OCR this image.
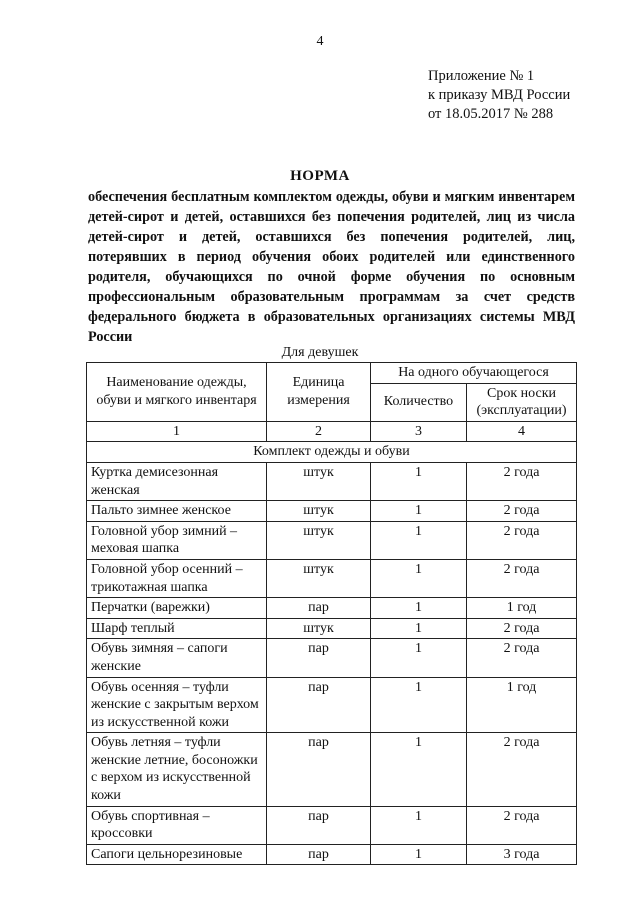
4
Приложение № 1
к приказу МВД России
от 18.05.2017 № 288
НОРМА
обеспечения бесплатным комплектом одежды, обуви и мягким инвентарем детей-сирот и детей, оставшихся без попечения родителей, лиц из числа детей-сирот и детей, оставшихся без попечения родителей, лиц, потерявших в период обучения обоих родителей или единственного родителя, обучающихся по очной форме обучения по основным профессиональным образовательным программам за счет средств федерального бюджета в образовательных организациях системы МВД России
Для девушек
Наименование одежды, обуви и мягкого инвентаря	Единица измерения	На одного обучающегося	
		Количество	Срок носки (эксплуатации)
1	2	3	4
Комплект одежды и обуви			
Куртка демисезонная женская	штук	1	2 года
Пальто зимнее женское	штук	1	2 года
Головной убор зимний – меховая шапка	штук	1	2 года
Головной убор осенний – трикотажная шапка	штук	1	2 года
Перчатки (варежки)	пар	1	1 год
Шарф теплый	штук	1	2 года
Обувь зимняя – сапоги женские	пар	1	2 года
Обувь осенняя – туфли женские с закрытым верхом из искусственной кожи	пар	1	1 год
Обувь летняя – туфли женские летние, босоножки с верхом из искусственной кожи	пар	1	2 года
Обувь спортивная – кроссовки	пар	1	2 года
Сапоги цельнорезиновые	пар	1	3 года
